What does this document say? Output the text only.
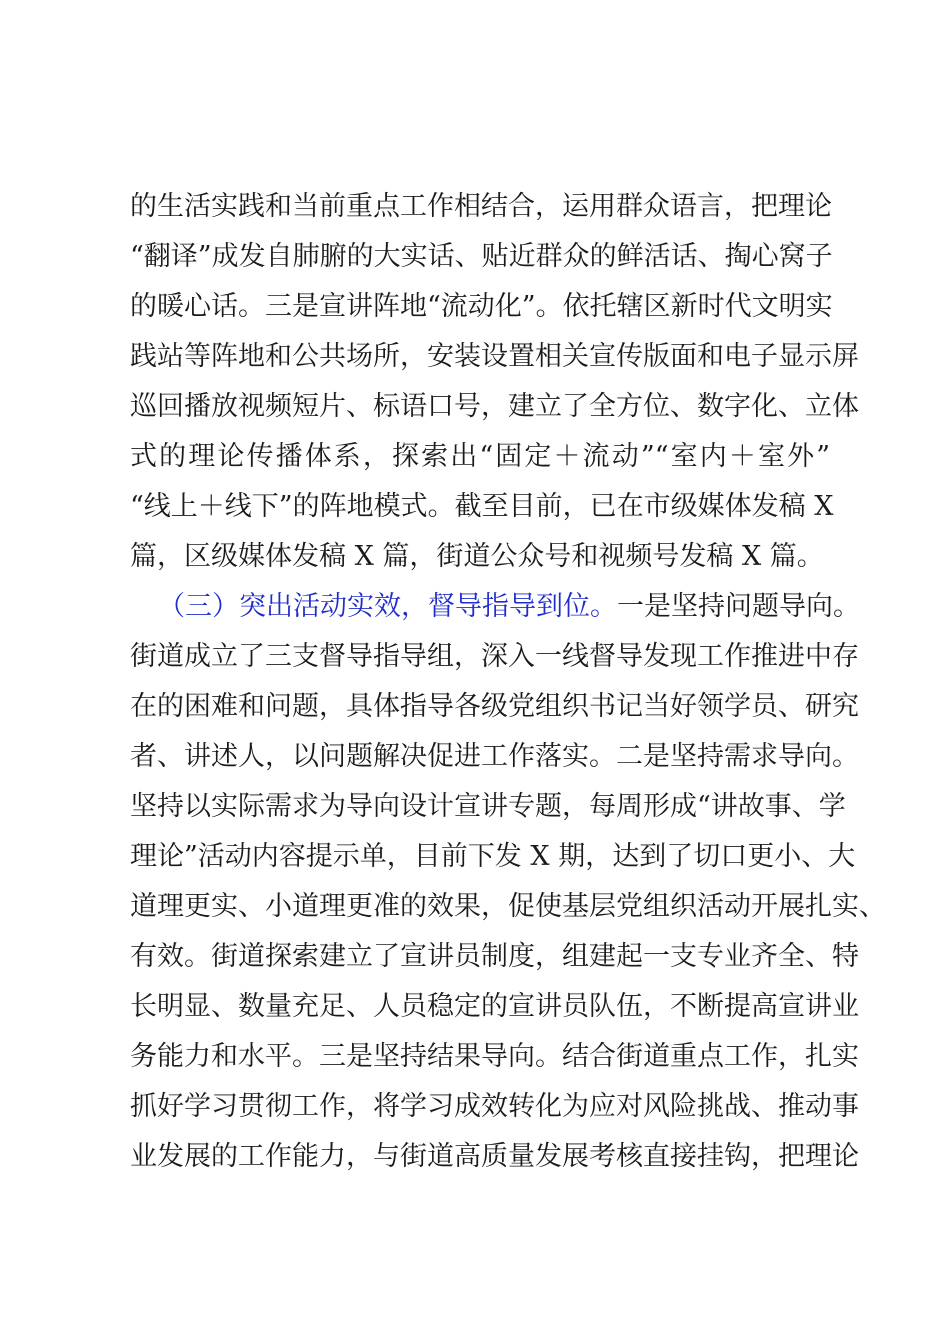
的生活实践和当前重点工作相结合，运用群众语言，把理论
“翻译”成发自肺腑的大实话、贴近群众的鲜活话、掏心窝子
的暖心话。三是宣讲阵地“流动化”。依托辖区新时代文明实
践站等阵地和公共场所，安装设置相关宣传版面和电子显示屏
巡回播放视频短片、标语口号，建立了全方位、数字化、立体
式的理论传播体系，探索出“固定＋流动”“室内＋室外”
“线上＋线下”的阵地模式。截至目前，已在市级媒体发稿 X
篇，区级媒体发稿 X 篇，街道公众号和视频号发稿 X 篇。
（三）突出活动实效，督导指导到位。一是坚持问题导向。
街道成立了三支督导指导组，深入一线督导发现工作推进中存
在的困难和问题，具体指导各级党组织书记当好领学员、研究
者、讲述人，以问题解决促进工作落实。二是坚持需求导向。
坚持以实际需求为导向设计宣讲专题，每周形成“讲故事、学
理论”活动内容提示单，目前下发 X 期，达到了切口更小、大
道理更实、小道理更准的效果，促使基层党组织活动开展扎实、
有效。街道探索建立了宣讲员制度，组建起一支专业齐全、特
长明显、数量充足、人员稳定的宣讲员队伍，不断提高宣讲业
务能力和水平。三是坚持结果导向。结合街道重点工作，扎实
抓好学习贯彻工作，将学习成效转化为应对风险挑战、推动事
业发展的工作能力，与街道高质量发展考核直接挂钩，把理论
